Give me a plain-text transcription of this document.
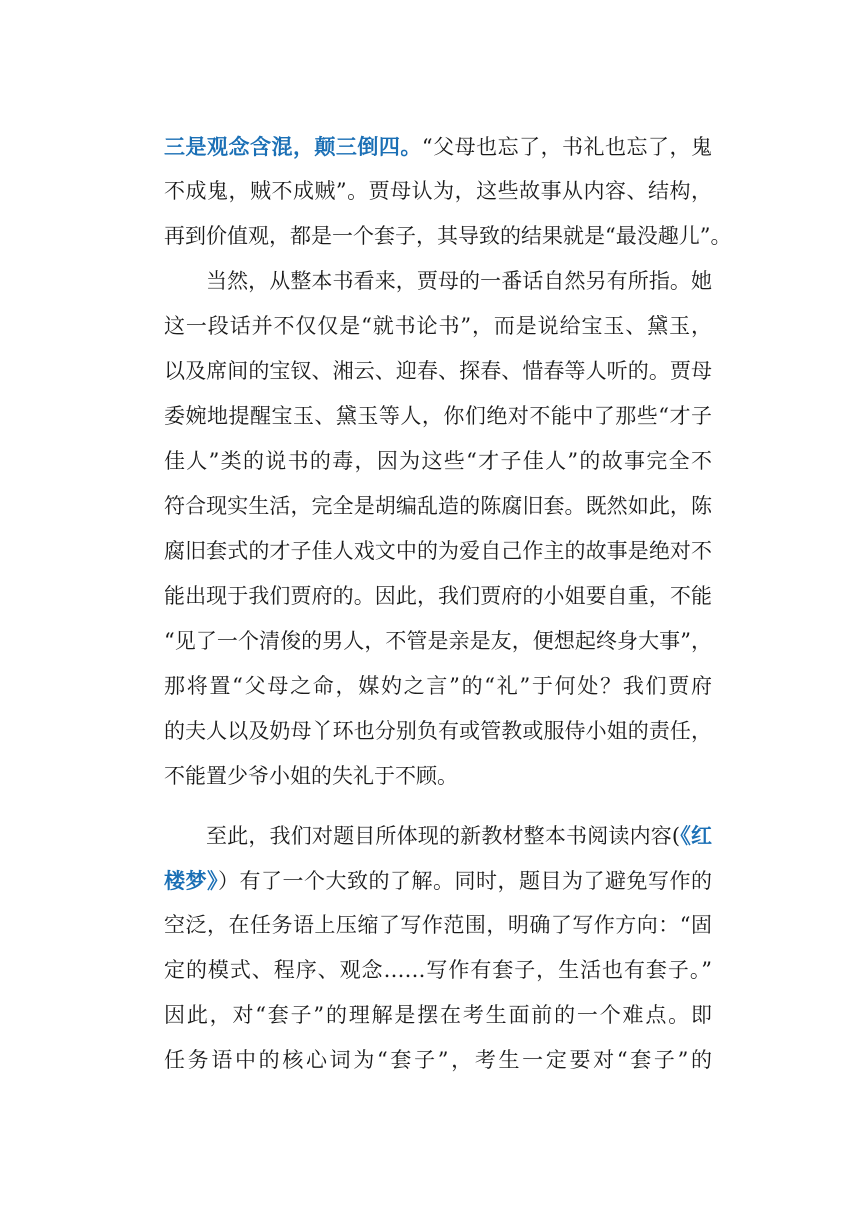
三是观念含混，颠三倒四。“父母也忘了，书礼也忘了，鬼
不成鬼，贼不成贼”。贾母认为，这些故事从内容、结构，
再到价值观，都是一个套子，其导致的结果就是“最没趣儿”。
当然，从整本书看来，贾母的一番话自然另有所指。她
这一段话并不仅仅是“就书论书”，而是说给宝玉、黛玉，
以及席间的宝钗、湘云、迎春、探春、惜春等人听的。贾母
委婉地提醒宝玉、黛玉等人，你们绝对不能中了那些“才子
佳人”类的说书的毒，因为这些“才子佳人”的故事完全不
符合现实生活，完全是胡编乱造的陈腐旧套。既然如此，陈
腐旧套式的才子佳人戏文中的为爱自己作主的故事是绝对不
能出现于我们贾府的。因此，我们贾府的小姐要自重，不能
“见了一个清俊的男人，不管是亲是友，便想起终身大事”，
那将置“父母之命，媒妁之言”的“礼”于何处？我们贾府
的夫人以及奶母丫环也分别负有或管教或服侍小姐的责任，
不能置少爷小姐的失礼于不顾。
至此，我们对题目所体现的新教材整本书阅读内容(《红
楼梦》）有了一个大致的了解。同时，题目为了避免写作的
空泛，在任务语上压缩了写作范围，明确了写作方向：“固
定的模式、程序、观念……写作有套子，生活也有套子。”
因此，对“套子”的理解是摆在考生面前的一个难点。即
任务语中的核心词为“套子”，考生一定要对“套子”的
